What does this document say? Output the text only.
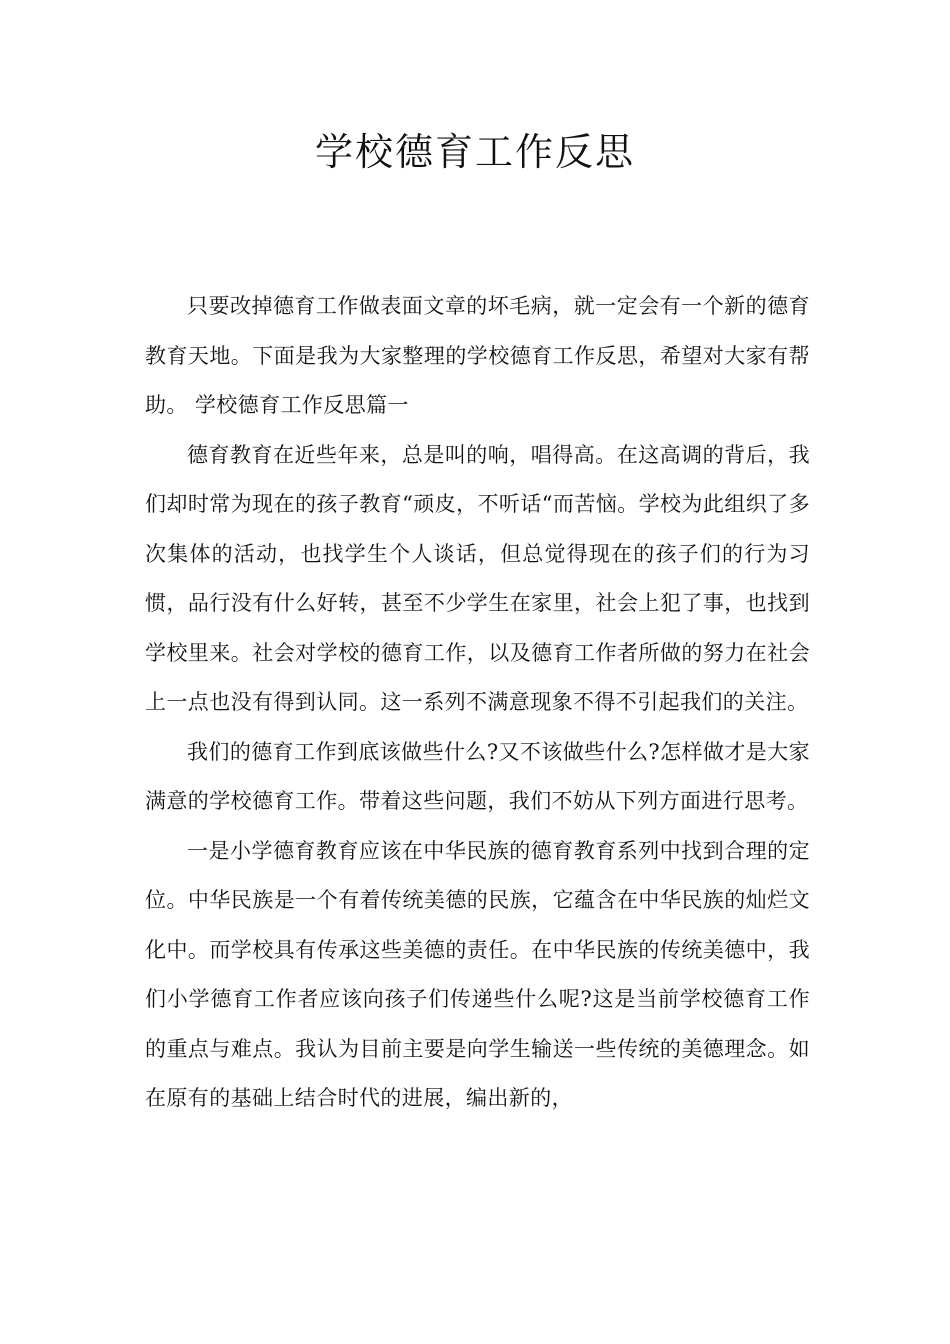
学校德育工作反思

只要改掉德育工作做表面文章的坏毛病，就一定会有一个新的德育教育天地。下面是我为大家整理的学校德育工作反思，希望对大家有帮助。 学校德育工作反思篇一

德育教育在近些年来，总是叫的响，唱得高。在这高调的背后，我们却时常为现在的孩子教育“顽皮，不听话“而苦恼。学校为此组织了多次集体的活动，也找学生个人谈话，但总觉得现在的孩子们的行为习惯，品行没有什么好转，甚至不少学生在家里，社会上犯了事，也找到学校里来。社会对学校的德育工作，以及德育工作者所做的努力在社会上一点也没有得到认同。这一系列不满意现象不得不引起我们的关注。

我们的德育工作到底该做些什么?又不该做些什么?怎样做才是大家满意的学校德育工作。带着这些问题，我们不妨从下列方面进行思考。

一是小学德育教育应该在中华民族的德育教育系列中找到合理的定位。中华民族是一个有着传统美德的民族，它蕴含在中华民族的灿烂文化中。而学校具有传承这些美德的责任。在中华民族的传统美德中，我们小学德育工作者应该向孩子们传递些什么呢?这是当前学校德育工作的重点与难点。我认为目前主要是向学生输送一些传统的美德理念。如在原有的基础上结合时代的进展，编出新的，
